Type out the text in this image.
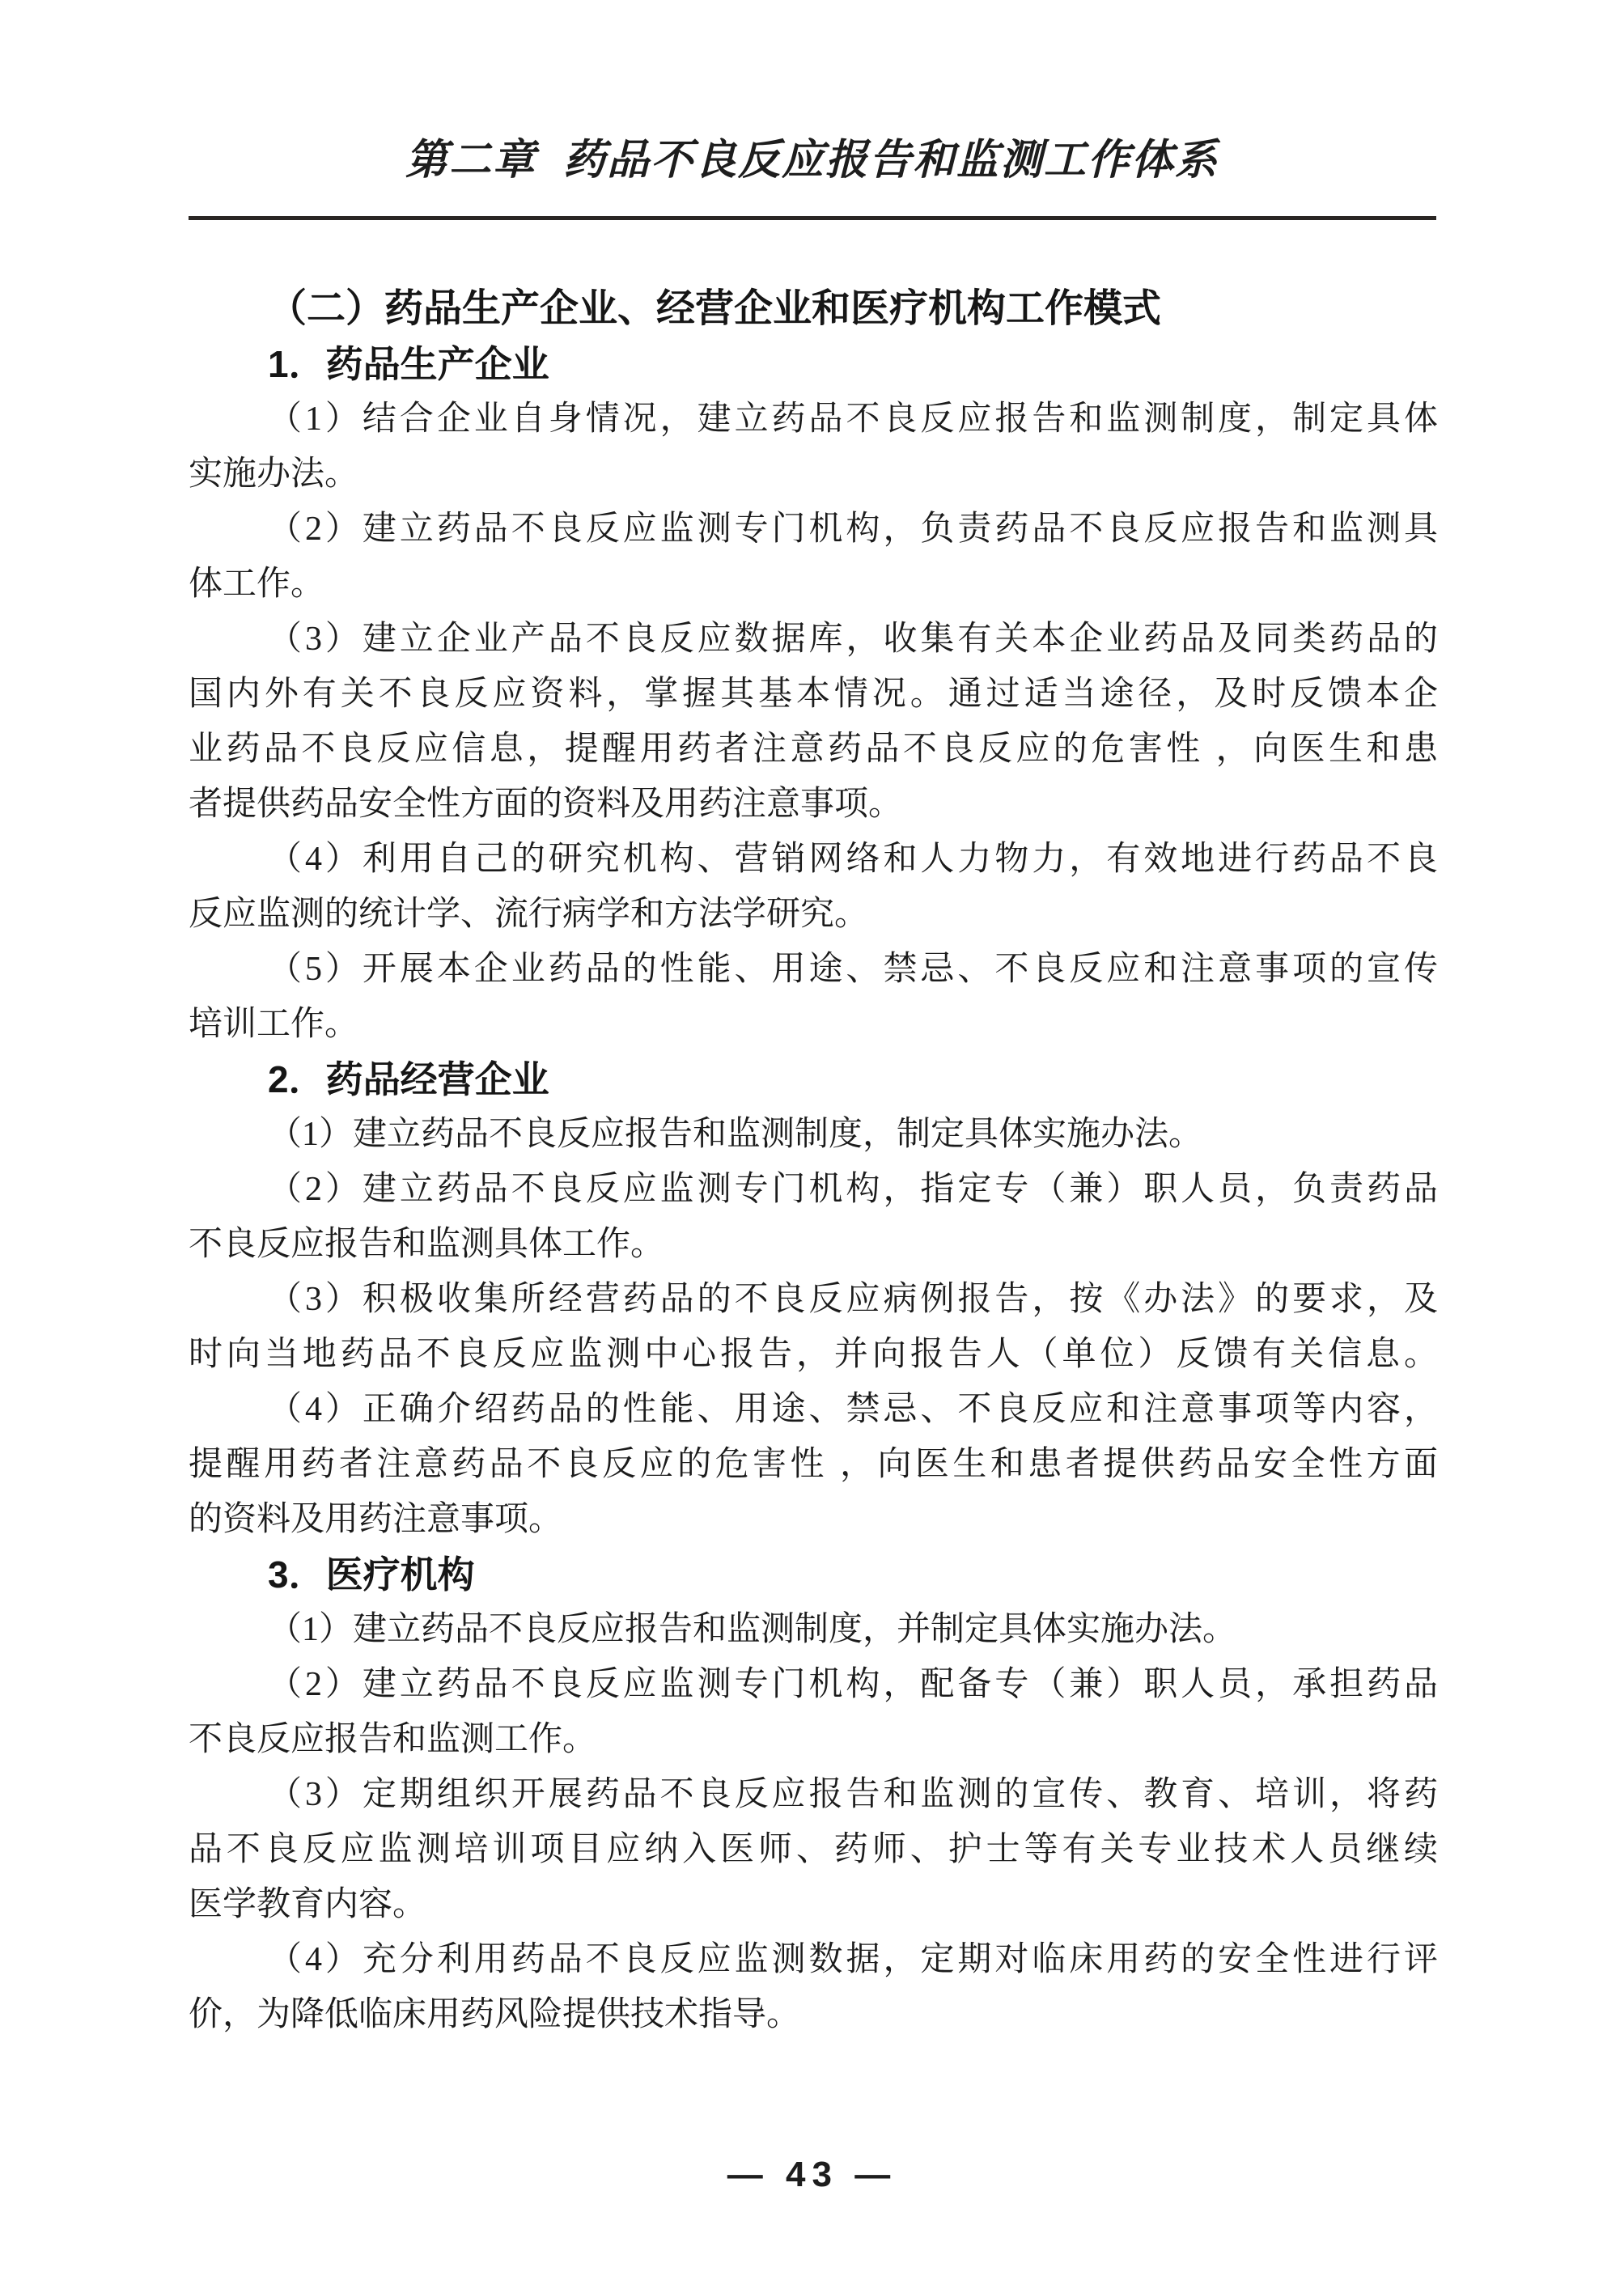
第二章  药品不良反应报告和监测工作体系
（二）药品生产企业、经营企业和医疗机构工作模式
1．药品生产企业
（1）结合企业自身情况，建立药品不良反应报告和监测制度，制定具体
实施办法。
（2）建立药品不良反应监测专门机构，负责药品不良反应报告和监测具
体工作。
（3）建立企业产品不良反应数据库，收集有关本企业药品及同类药品的
国内外有关不良反应资料，掌握其基本情况。通过适当途径，及时反馈本企
业药品不良反应信息，提醒用药者注意药品不良反应的危害性 ，向医生和患
者提供药品安全性方面的资料及用药注意事项。
（4）利用自己的研究机构、营销网络和人力物力，有效地进行药品不良
反应监测的统计学、流行病学和方法学研究。
（5）开展本企业药品的性能、用途、禁忌、不良反应和注意事项的宣传
培训工作。
2．药品经营企业
（1）建立药品不良反应报告和监测制度，制定具体实施办法。
（2）建立药品不良反应监测专门机构，指定专（兼）职人员，负责药品
不良反应报告和监测具体工作。
（3）积极收集所经营药品的不良反应病例报告，按《办法》的要求，及
时向当地药品不良反应监测中心报告，并向报告人（单位）反馈有关信息。
（4）正确介绍药品的性能、用途、禁忌、不良反应和注意事项等内容，
提醒用药者注意药品不良反应的危害性 ，向医生和患者提供药品安全性方面
的资料及用药注意事项。
3．医疗机构
（1）建立药品不良反应报告和监测制度，并制定具体实施办法。
（2）建立药品不良反应监测专门机构，配备专（兼）职人员，承担药品
不良反应报告和监测工作。
（3）定期组织开展药品不良反应报告和监测的宣传、教育、培训，将药
品不良反应监测培训项目应纳入医师、药师、护士等有关专业技术人员继续
医学教育内容。
（4）充分利用药品不良反应监测数据，定期对临床用药的安全性进行评
价，为降低临床用药风险提供技术指导。
— 43 —
